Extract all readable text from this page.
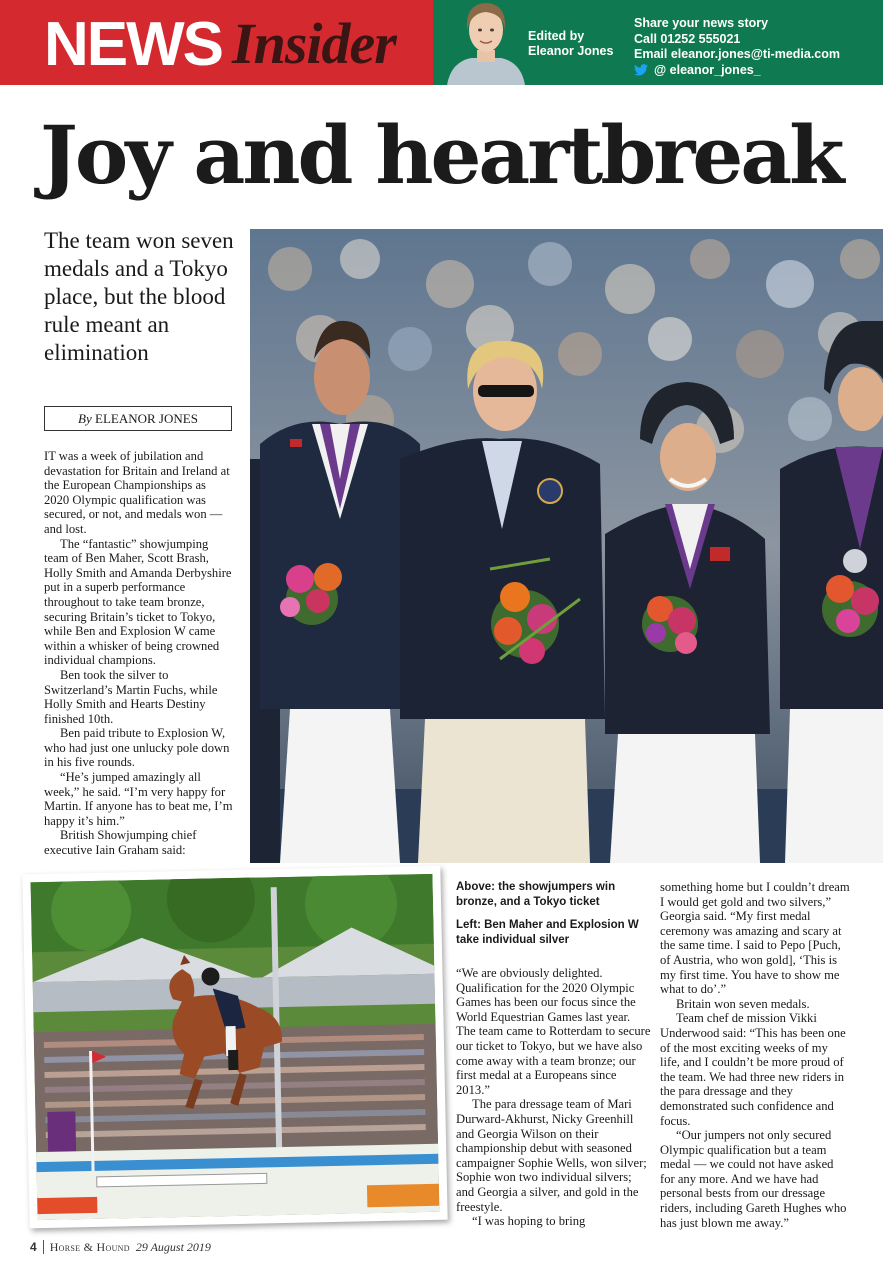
NEWS Insider	Edited by
Eleanor Jones
Share your news story
Call 01252 555021
Email eleanor.jones@ti-media.com
@ eleanor_jones_
Joy and heartbreak
The team won seven medals and a Tokyo place, but the blood rule meant an elimination
By ELEANOR JONES

IT was a week of jubilation and devastation for Britain and Ireland at the European Championships as 2020 Olympic qualification was secured, or not, and medals won — and lost.

The “fantastic” showjumping team of Ben Maher, Scott Brash, Holly Smith and Amanda Derbyshire put in a superb performance throughout to take team bronze, securing Britain’s ticket to Tokyo, while Ben and Explosion W came within a whisker of being crowned individual champions.

Ben took the silver to Switzerland’s Martin Fuchs, while Holly Smith and Hearts Destiny finished 10th.

Ben paid tribute to Explosion W, who had just one unlucky pole down in his five rounds.

“He’s jumped amazingly all week,” he said. “I’m very happy for Martin. If anyone has to beat me, I’m happy it’s him.”

British Showjumping chief executive Iain Graham said:

Above: the showjumpers win bronze, and a Tokyo ticket

Left: Ben Maher and Explosion W take individual silver

“We are obviously delighted. Qualification for the 2020 Olympic Games has been our focus since the World Equestrian Games last year. The team came to Rotterdam to secure our ticket to Tokyo, but we have also come away with a team bronze; our first medal at a Europeans since 2013.”

The para dressage team of Mari Durward-Akhurst, Nicky Greenhill and Georgia Wilson on their championship debut with seasoned campaigner Sophie Wells, won silver; Sophie won two individual silvers; and Georgia a silver, and gold in the freestyle.

“I was hoping to bring

something home but I couldn’t dream I would get gold and two silvers,” Georgia said. “My first medal ceremony was amazing and scary at the same time. I said to Pepo [Puch, of Austria, who won gold], ‘This is my first time. You have to show me what to do’.”

Britain won seven medals.

Team chef de mission Vikki Underwood said: “This has been one of the most exciting weeks of my life, and I couldn’t be more proud of the team. We had three new riders in the para dressage and they demonstrated such confidence and focus.

“Our jumpers not only secured Olympic qualification but a team medal — we could not have asked for any more. And we have had personal bests from our dressage riders, including Gareth Hughes who has just blown me away.”

4	Horse & Hound 29 August 2019
